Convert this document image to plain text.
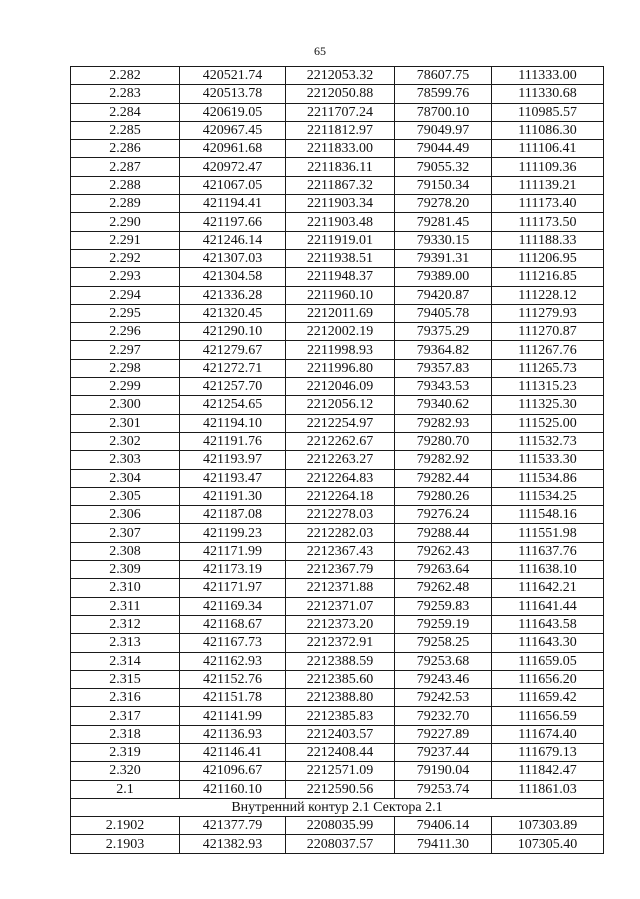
65
2.282	420521.74	2212053.32	78607.75	111333.00
2.283	420513.78	2212050.88	78599.76	111330.68
2.284	420619.05	2211707.24	78700.10	110985.57
2.285	420967.45	2211812.97	79049.97	111086.30
2.286	420961.68	2211833.00	79044.49	111106.41
2.287	420972.47	2211836.11	79055.32	111109.36
2.288	421067.05	2211867.32	79150.34	111139.21
2.289	421194.41	2211903.34	79278.20	111173.40
2.290	421197.66	2211903.48	79281.45	111173.50
2.291	421246.14	2211919.01	79330.15	111188.33
2.292	421307.03	2211938.51	79391.31	111206.95
2.293	421304.58	2211948.37	79389.00	111216.85
2.294	421336.28	2211960.10	79420.87	111228.12
2.295	421320.45	2212011.69	79405.78	111279.93
2.296	421290.10	2212002.19	79375.29	111270.87
2.297	421279.67	2211998.93	79364.82	111267.76
2.298	421272.71	2211996.80	79357.83	111265.73
2.299	421257.70	2212046.09	79343.53	111315.23
2.300	421254.65	2212056.12	79340.62	111325.30
2.301	421194.10	2212254.97	79282.93	111525.00
2.302	421191.76	2212262.67	79280.70	111532.73
2.303	421193.97	2212263.27	79282.92	111533.30
2.304	421193.47	2212264.83	79282.44	111534.86
2.305	421191.30	2212264.18	79280.26	111534.25
2.306	421187.08	2212278.03	79276.24	111548.16
2.307	421199.23	2212282.03	79288.44	111551.98
2.308	421171.99	2212367.43	79262.43	111637.76
2.309	421173.19	2212367.79	79263.64	111638.10
2.310	421171.97	2212371.88	79262.48	111642.21
2.311	421169.34	2212371.07	79259.83	111641.44
2.312	421168.67	2212373.20	79259.19	111643.58
2.313	421167.73	2212372.91	79258.25	111643.30
2.314	421162.93	2212388.59	79253.68	111659.05
2.315	421152.76	2212385.60	79243.46	111656.20
2.316	421151.78	2212388.80	79242.53	111659.42
2.317	421141.99	2212385.83	79232.70	111656.59
2.318	421136.93	2212403.57	79227.89	111674.40
2.319	421146.41	2212408.44	79237.44	111679.13
2.320	421096.67	2212571.09	79190.04	111842.47
2.1	421160.10	2212590.56	79253.74	111861.03
Внутренний контур 2.1 Сектора 2.1				
2.1902	421377.79	2208035.99	79406.14	107303.89
2.1903	421382.93	2208037.57	79411.30	107305.40
